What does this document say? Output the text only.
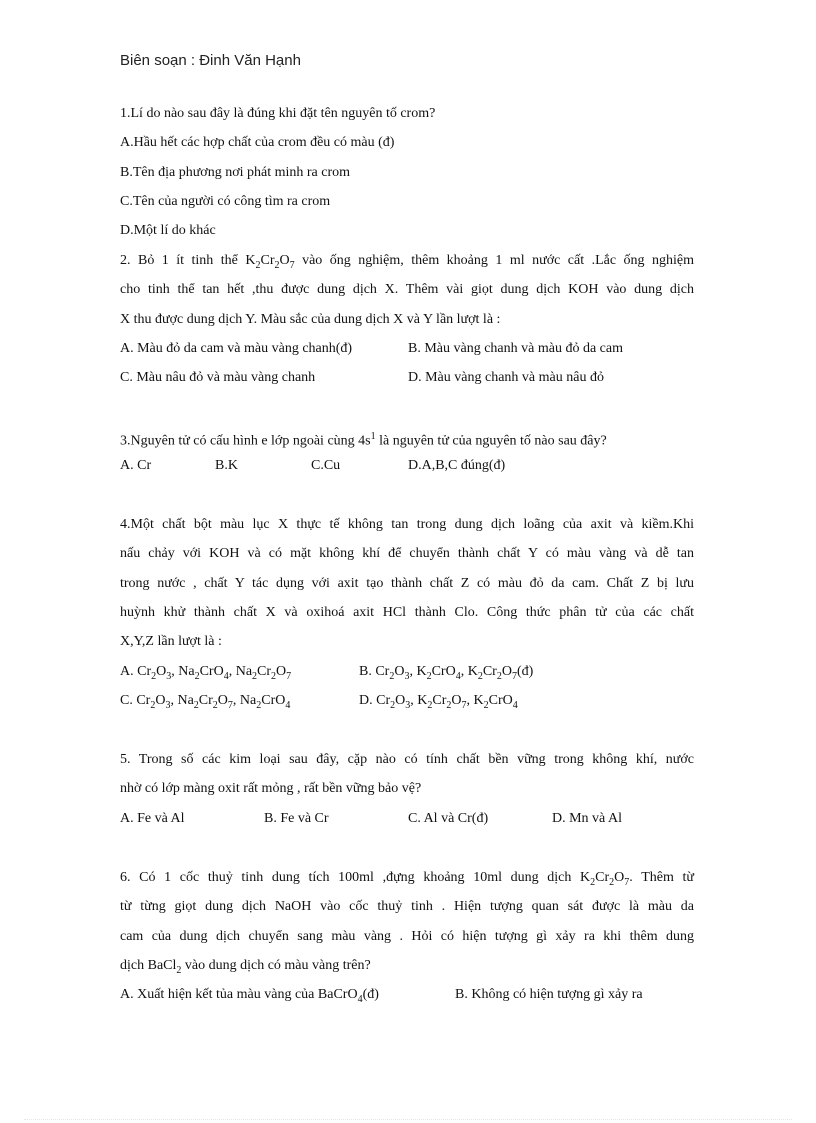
Biên soạn : Đinh Văn Hạnh
1.Lí do nào sau đây là đúng khi đặt tên nguyên tố crom?
A.Hầu hết các hợp chất của crom đều có màu (đ)
B.Tên địa phương nơi phát minh ra crom
C.Tên của người có công tìm ra crom
D.Một lí do khác
2. Bỏ 1 ít tinh thể $K_2Cr_2O_7$ vào ống nghiệm, thêm khoảng 1 ml nước cất .Lắc ống nghiệm
cho tinh thể tan hết ,thu được dung dịch X. Thêm vài giọt dung dịch KOH vào dung dịch
X thu được dung dịch Y. Màu sắc của dung dịch X và Y lần lượt là :
A. Màu đỏ da cam và màu vàng chanh(đ)	B. Màu vàng chanh và màu đỏ da cam
C. Màu nâu đỏ và màu vàng chanh	D. Màu vàng chanh và màu nâu đỏ
3.Nguyên tử có cấu hình e lớp ngoài cùng $4s^1$ là nguyên tử của nguyên tố nào sau đây?
A. Cr	B.K	C.Cu	D.A,B,C đúng(đ)
4.Một chất bột màu lục X thực tế không tan trong dung dịch loãng của axit và kiềm.Khi
nấu chảy với KOH và có mặt không khí để chuyển thành chất Y có màu vàng và dễ tan
trong nước , chất Y tác dụng với axit tạo thành chất Z có màu đỏ da cam. Chất Z bị lưu
huỳnh khử thành chất X và oxihoá axit HCl thành Clo. Công thức phân tử của các chất
X,Y,Z lần lượt là :
A. $Cr_2O_3$, $Na_2CrO_4$, $Na_2Cr_2O_7$	B. $Cr_2O_3$, $K_2CrO_4$, $K_2Cr_2O_7(đ)$
C. $Cr_2O_3$, $Na_2Cr_2O_7$, $Na_2CrO_4$	D. $Cr_2O_3$, $K_2Cr_2O_7$, $K_2CrO_4$
5. Trong số các kim loại sau đây, cặp nào có tính chất bền vững trong không khí, nước
nhờ có lớp màng oxit rất mỏng , rất bền vững bảo vệ?
A. Fe và Al	B. Fe và Cr	C. Al và Cr(đ)	D. Mn và Al
6. Có 1 cốc thuỷ tinh dung tích 100ml ,đựng khoảng 10ml dung dịch $K_2Cr_2O_7$. Thêm từ
từ từng giọt dung dịch NaOH vào cốc thuỷ tinh . Hiện tượng quan sát được là màu da
cam của dung dịch chuyển sang màu vàng . Hỏi có hiện tượng gì xảy ra khi thêm dung
dịch BaCl$_2$ vào dung dịch có màu vàng trên?
A. Xuất hiện kết tủa màu vàng của BaCrO$_4$(đ)	B. Không có hiện tượng gì xảy ra
